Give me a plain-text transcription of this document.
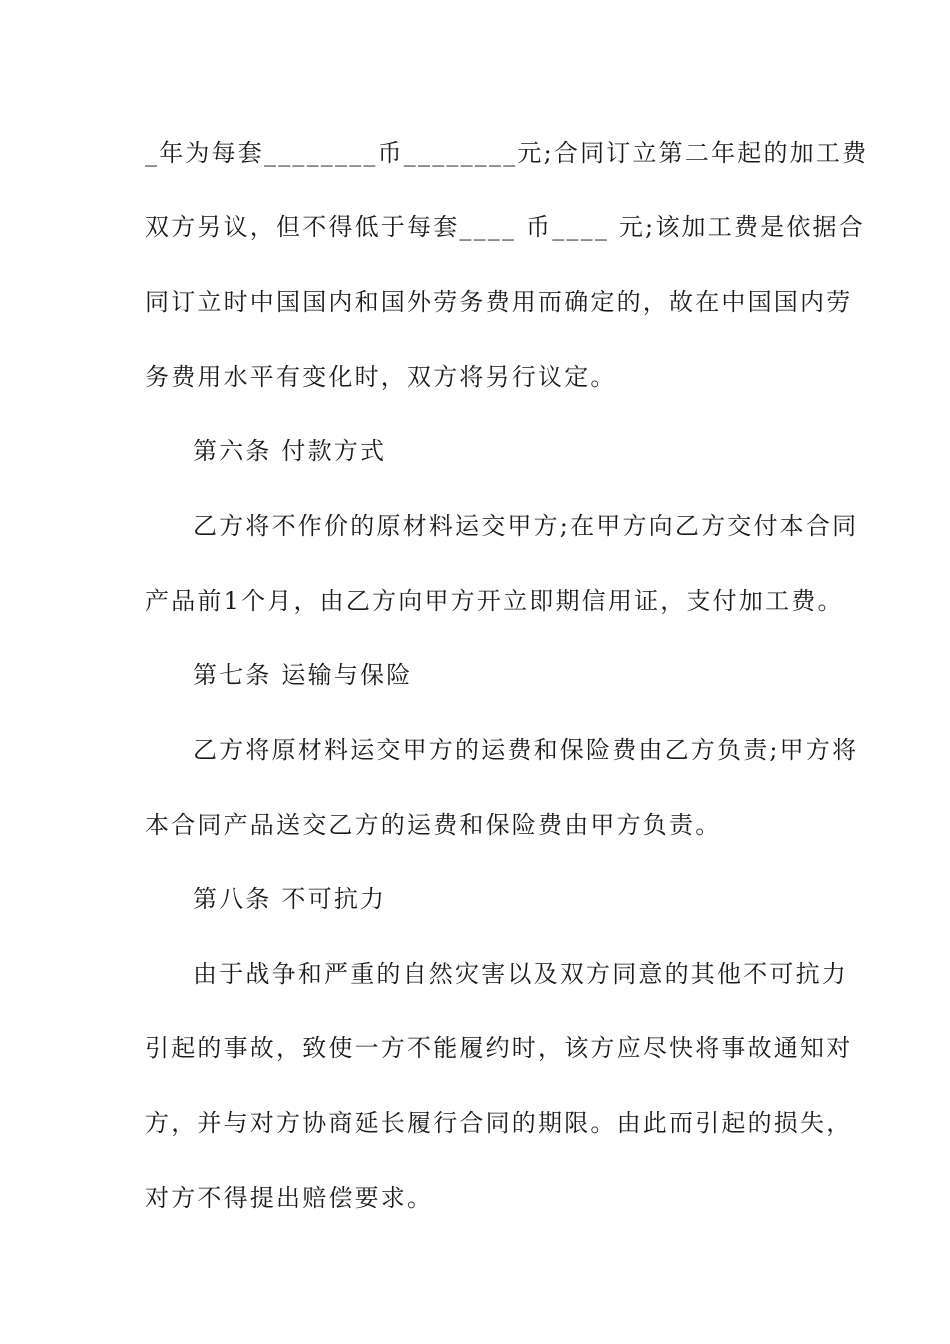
_年为每套________币________元;合同订立第二年起的加工费
双方另议，但不得低于每套____ 币____ 元;该加工费是依据合
同订立时中国国内和国外劳务费用而确定的，故在中国国内劳
务费用水平有变化时，双方将另行议定。
第六条 付款方式
乙方将不作价的原材料运交甲方;在甲方向乙方交付本合同
产品前1个月，由乙方向甲方开立即期信用证，支付加工费。
第七条 运输与保险
乙方将原材料运交甲方的运费和保险费由乙方负责;甲方将
本合同产品送交乙方的运费和保险费由甲方负责。
第八条 不可抗力
由于战争和严重的自然灾害以及双方同意的其他不可抗力
引起的事故，致使一方不能履约时，该方应尽快将事故通知对
方，并与对方协商延长履行合同的期限。由此而引起的损失，
对方不得提出赔偿要求。
